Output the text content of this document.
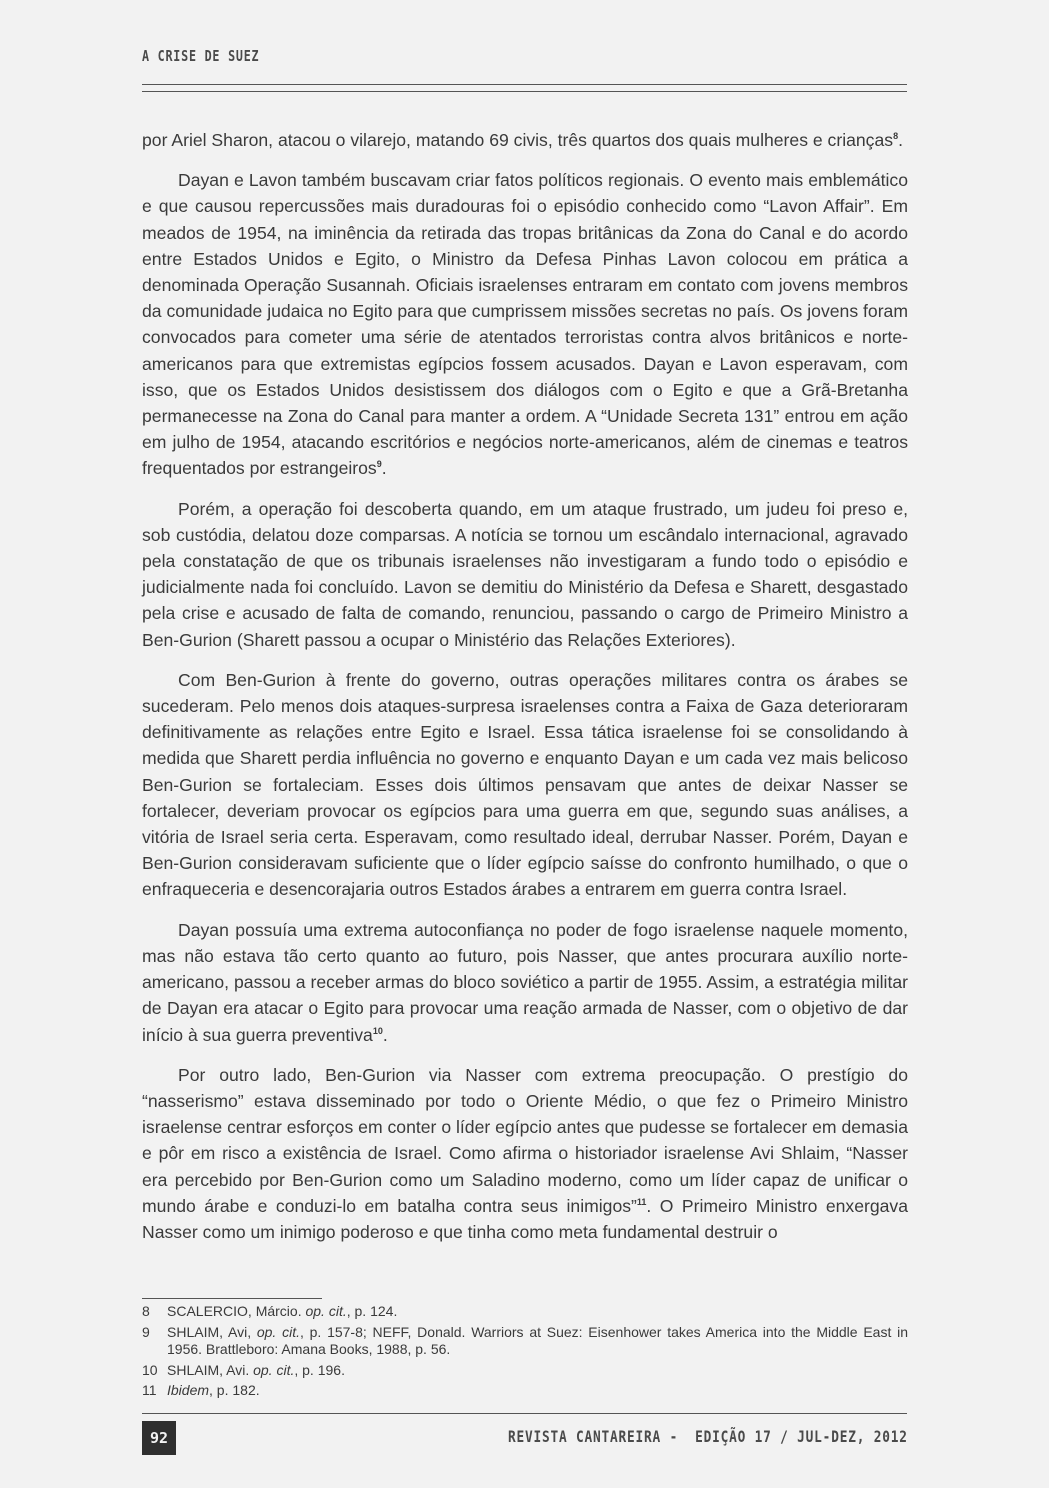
A CRISE DE SUEZ

por Ariel Sharon, atacou o vilarejo, matando 69 civis, três quartos dos quais mulheres e crianças$^8$.

Dayan e Lavon também buscavam criar fatos políticos regionais. O evento mais emblemático e que causou repercussões mais duradouras foi o episódio conhecido como “Lavon Affair”. Em meados de 1954, na iminência da retirada das tropas britânicas da Zona do Canal e do acordo entre Estados Unidos e Egito, o Ministro da Defesa Pinhas Lavon colocou em prática a denominada Operação Susannah. Oficiais israelenses entraram em contato com jovens membros da comunidade judaica no Egito para que cumprissem missões secretas no país. Os jovens foram convocados para cometer uma série de atentados terroristas contra alvos britânicos e norte-americanos para que extremistas egípcios fossem acusados. Dayan e Lavon esperavam, com isso, que os Estados Unidos desistissem dos diálogos com o Egito e que a Grã-Bretanha permanecesse na Zona do Canal para manter a ordem. A “Unidade Secreta 131” entrou em ação em julho de 1954, atacando escritórios e negócios norte-americanos, além de cinemas e teatros frequentados por estrangeiros$^9$.

Porém, a operação foi descoberta quando, em um ataque frustrado, um judeu foi preso e, sob custódia, delatou doze comparsas. A notícia se tornou um escândalo internacional, agravado pela constatação de que os tribunais israelenses não investigaram a fundo todo o episódio e judicialmente nada foi concluído. Lavon se demitiu do Ministério da Defesa e Sharett, desgastado pela crise e acusado de falta de comando, renunciou, passando o cargo de Primeiro Ministro a Ben-Gurion (Sharett passou a ocupar o Ministério das Relações Exteriores).

Com Ben-Gurion à frente do governo, outras operações militares contra os árabes se sucederam. Pelo menos dois ataques-surpresa israelenses contra a Faixa de Gaza deterioraram definitivamente as relações entre Egito e Israel. Essa tática israelense foi se consolidando à medida que Sharett perdia influência no governo e enquanto Dayan e um cada vez mais belicoso Ben-Gurion se fortaleciam. Esses dois últimos pensavam que antes de deixar Nasser se fortalecer, deveriam provocar os egípcios para uma guerra em que, segundo suas análises, a vitória de Israel seria certa. Esperavam, como resultado ideal, derrubar Nasser. Porém, Dayan e Ben-Gurion consideravam suficiente que o líder egípcio saísse do confronto humilhado, o que o enfraqueceria e desencorajaria outros Estados árabes a entrarem em guerra contra Israel.

Dayan possuía uma extrema autoconfiança no poder de fogo israelense naquele momento, mas não estava tão certo quanto ao futuro, pois Nasser, que antes procurara auxílio norte-americano, passou a receber armas do bloco soviético a partir de 1955. Assim, a estratégia militar de Dayan era atacar o Egito para provocar uma reação armada de Nasser, com o objetivo de dar início à sua guerra preventiva$^{10}$.

Por outro lado, Ben-Gurion via Nasser com extrema preocupação. O prestígio do “nasserismo” estava disseminado por todo o Oriente Médio, o que fez o Primeiro Ministro israelense centrar esforços em conter o líder egípcio antes que pudesse se fortalecer em demasia e pôr em risco a existência de Israel. Como afirma o historiador israelense Avi Shlaim, “Nasser era percebido por Ben-Gurion como um Saladino moderno, como um líder capaz de unificar o mundo árabe e conduzi-lo em batalha contra seus inimigos”$^{11}$. O Primeiro Ministro enxergava Nasser como um inimigo poderoso e que tinha como meta fundamental destruir o

8	SCALERCIO, Márcio. op. cit., p. 124.
9	SHLAIM, Avi, op. cit., p. 157-8; NEFF, Donald. Warriors at Suez: Eisenhower takes America into the Middle East in 1956. Brattleboro: Amana Books, 1988, p. 56.
10 SHLAIM, Avi. op. cit., p. 196.
11 Ibidem, p. 182.
92	REVISTA CANTAREIRA -  EDIÇÃO 17 / JUL-DEZ, 2012
